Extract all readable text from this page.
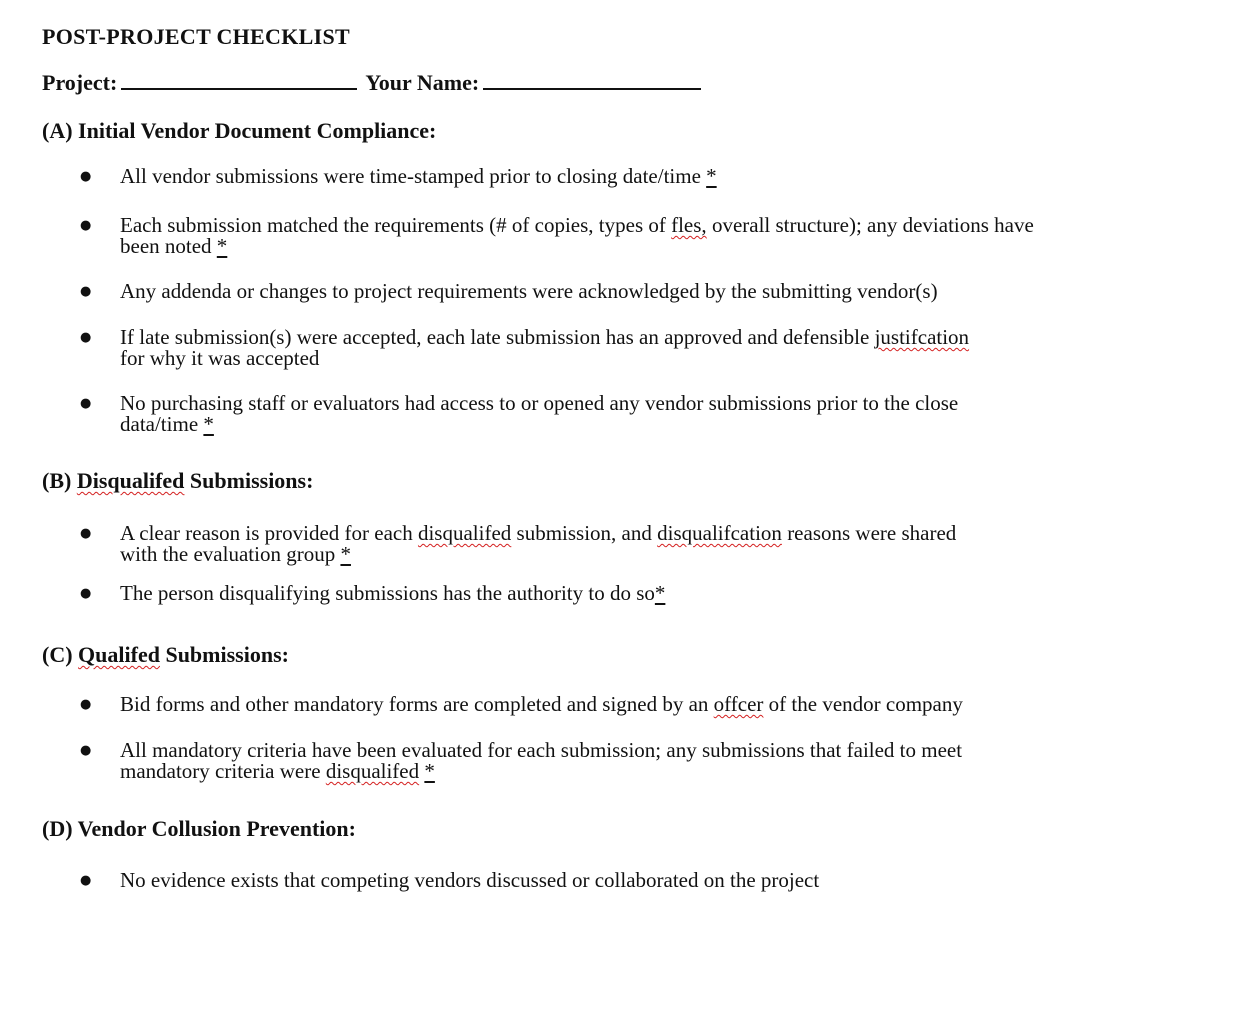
POST-PROJECT CHECKLIST
Project:	Your Name:
(A) Initial Vendor Document Compliance:
● All vendor submissions were time-stamped prior to closing date/time *
● Each submission matched the requirements (# of copies, types of fles, overall structure); any deviations have
been noted *
● Any addenda or changes to project requirements were acknowledged by the submitting vendor(s)
● If late submission(s) were accepted, each late submission has an approved and defensible justifcation
for why it was accepted
● No purchasing staff or evaluators had access to or opened any vendor submissions prior to the close
data/time *
(B) Disqualifed Submissions:
● A clear reason is provided for each disqualifed submission, and disqualifcation reasons were shared
with the evaluation group *
● The person disqualifying submissions has the authority to do so*
(C) Qualifed Submissions:
● Bid forms and other mandatory forms are completed and signed by an offcer of the vendor company
● All mandatory criteria have been evaluated for each submission; any submissions that failed to meet
mandatory criteria were disqualifed *
(D) Vendor Collusion Prevention:
● No evidence exists that competing vendors discussed or collaborated on the project
